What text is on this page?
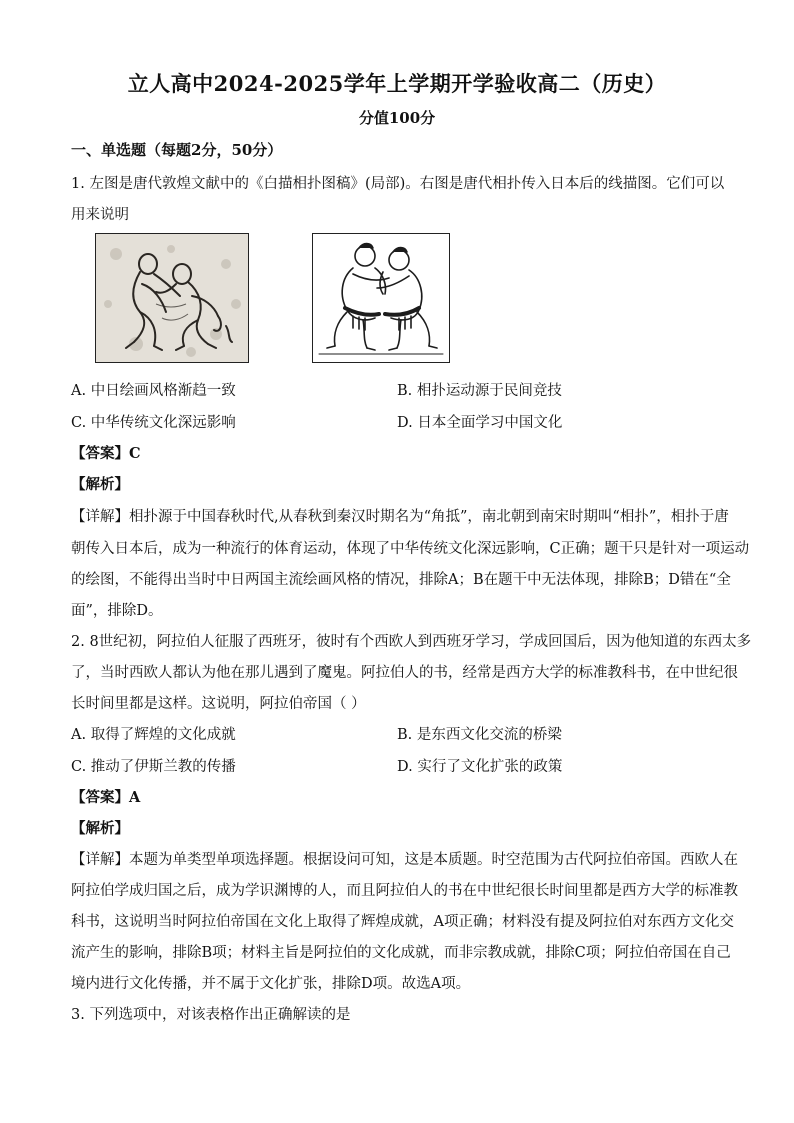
立人高中2024-2025学年上学期开学验收高二（历史）
分值100分
一、单选题（每题2分，50分）
1. 左图是唐代敦煌文献中的《白描相扑图稿》(局部)。右图是唐代相扑传入日本后的线描图。它们可以
用来说明
A. 中日绘画风格渐趋一致	B. 相扑运动源于民间竞技
C. 中华传统文化深远影响	D. 日本全面学习中国文化
【答案】C
【解析】
【详解】相扑源于中国春秋时代,从春秋到秦汉时期名为“角抵”，南北朝到南宋时期叫“相扑”，相扑于唐
朝传入日本后，成为一种流行的体育运动，体现了中华传统文化深远影响，C正确；题干只是针对一项运动
的绘图，不能得出当时中日两国主流绘画风格的情况，排除A；B在题干中无法体现，排除B；D错在“全
面”，排除D。
2. 8世纪初，阿拉伯人征服了西班牙，彼时有个西欧人到西班牙学习，学成回国后，因为他知道的东西太多
了，当时西欧人都认为他在那儿遇到了魔鬼。阿拉伯人的书，经常是西方大学的标准教科书，在中世纪很
长时间里都是这样。这说明，阿拉伯帝国（ ）
A. 取得了辉煌的文化成就	B. 是东西文化交流的桥梁
C. 推动了伊斯兰教的传播	D. 实行了文化扩张的政策
【答案】A
【解析】
【详解】本题为单类型单项选择题。根据设问可知，这是本质题。时空范围为古代阿拉伯帝国。西欧人在
阿拉伯学成归国之后，成为学识渊博的人，而且阿拉伯人的书在中世纪很长时间里都是西方大学的标准教
科书，这说明当时阿拉伯帝国在文化上取得了辉煌成就，A项正确；材料没有提及阿拉伯对东西方文化交
流产生的影响，排除B项；材料主旨是阿拉伯的文化成就，而非宗教成就，排除C项；阿拉伯帝国在自己
境内进行文化传播，并不属于文化扩张，排除D项。故选A项。
3. 下列选项中，对该表格作出正确解读的是
